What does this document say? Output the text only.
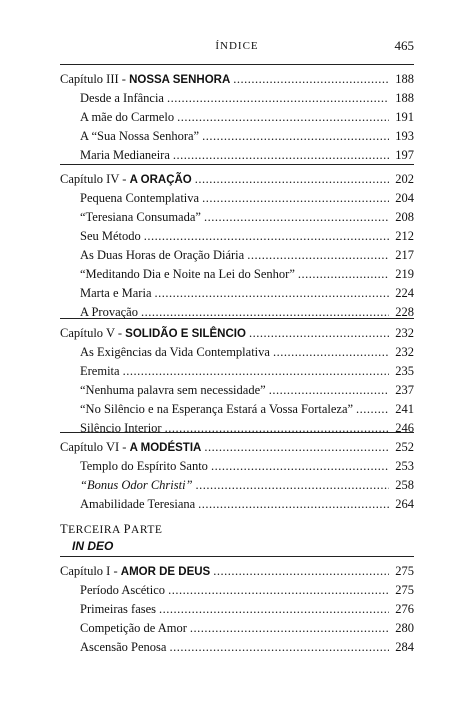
ÍNDICE	465
Capítulo III - NOSSA SENHORA .....	188
Desde a Infância .....	188
A mãe do Carmelo .....	191
A “Sua Nossa Senhora” .....	193
Maria Medianeira .....	197
Capítulo IV - A ORAÇÃO .....	202
Pequena Contemplativa .....	204
“Teresiana Consumada” .....	208
Seu Método .....	212
As Duas Horas de Oração Diária .....	217
“Meditando Dia e Noite na Lei do Senhor” .....	219
Marta e Maria .....	224
A Provação .....	228
Capítulo V - SOLIDÃO E SILÊNCIO .....	232
As Exigências da Vida Contemplativa .....	232
Eremita .....	235
“Nenhuma palavra sem necessidade” .....	237
“No Silêncio e na Esperança Estará a Vossa Fortaleza” .....	241
Silêncio Interior .....	246
Capítulo VI - A MODÉSTIA .....	252
Templo do Espírito Santo .....	253
“Bonus Odor Christi” .....	258
Amabilidade Teresiana .....	264
TERCEIRA PARTE
IN DEO
Capítulo I - AMOR DE DEUS .....	275
Período Ascético .....	275
Primeiras fases .....	276
Competição de Amor .....	280
Ascensão Penosa .....	284
